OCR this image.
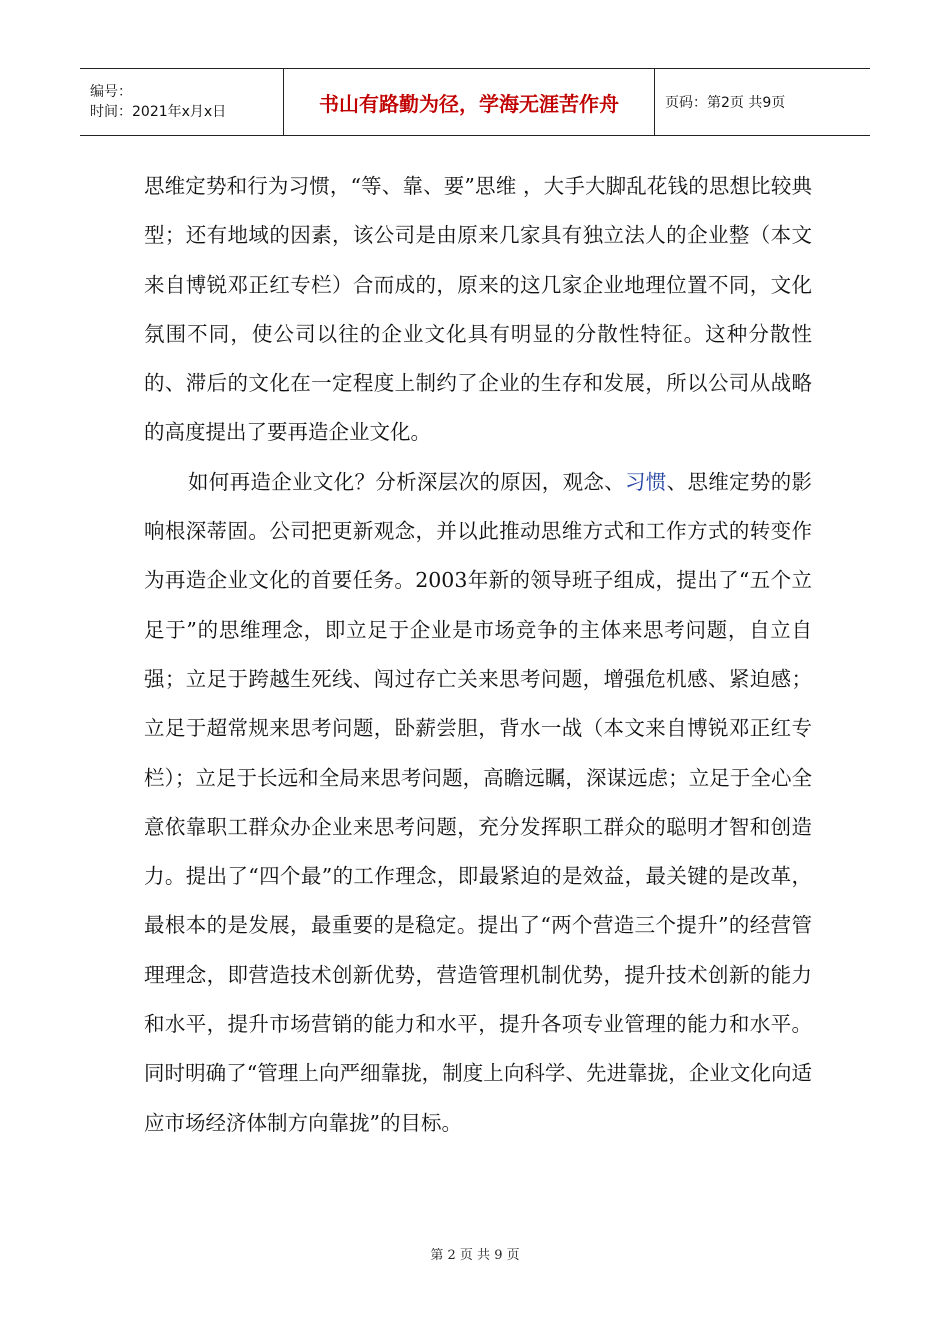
编号：
时间：2021年x月x日	书山有路勤为径，学海无涯苦作舟	页码：第2页 共9页

思维定势和行为习惯，“等、靠、要”思维 ，大手大脚乱花钱的思想比较典型；还有地域的因素，该公司是由原来几家具有独立法人的企业整（本文来自博锐邓正红专栏）合而成的，原来的这几家企业地理位置不同，文化氛围不同，使公司以往的企业文化具有明显的分散性特征。这种分散性的、滞后的文化在一定程度上制约了企业的生存和发展，所以公司从战略的高度提出了要再造企业文化。

如何再造企业文化？分析深层次的原因，观念、习惯、思维定势的影响根深蒂固。公司把更新观念，并以此推动思维方式和工作方式的转变作为再造企业文化的首要任务。2003年新的领导班子组成，提出了“五个立足于”的思维理念，即立足于企业是市场竞争的主体来思考问题，自立自强；立足于跨越生死线、闯过存亡关来思考问题，增强危机感、紧迫感；立足于超常规来思考问题，卧薪尝胆，背水一战（本文来自博锐邓正红专栏）；立足于长远和全局来思考问题，高瞻远瞩，深谋远虑；立足于全心全意依靠职工群众办企业来思考问题，充分发挥职工群众的聪明才智和创造力。提出了“四个最”的工作理念，即最紧迫的是效益，最关键的是改革，最根本的是发展，最重要的是稳定。提出了“两个营造三个提升”的经营管理理念，即营造技术创新优势，营造管理机制优势，提升技术创新的能力和水平，提升市场营销的能力和水平，提升各项专业管理的能力和水平。同时明确了“管理上向严细靠拢，制度上向科学、先进靠拢，企业文化向适应市场经济体制方向靠拢”的目标。

第 2 页 共 9 页
